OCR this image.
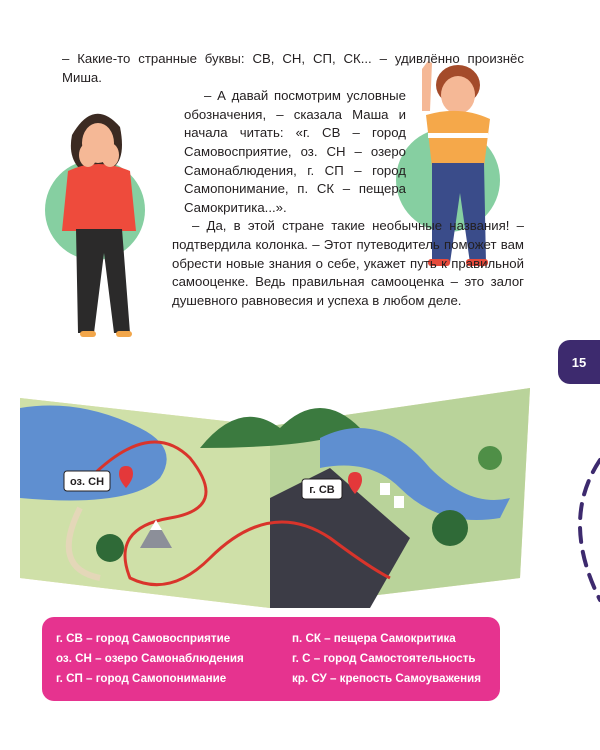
– Какие-то странные буквы: СВ, СН, СП, СК... – удивлённо произнёс Миша.

– А давай посмотрим условные обозначения, – сказала Маша и начала читать: «г. СВ – город Самовосприятие, оз. СН – озеро Самонаблюдения, г. СП – город Самопонимание, п. СК – пещера Самокритика...».

– Да, в этой стране такие необычные названия! – подтвердила колонка. – Этот путеводитель поможет вам обрести новые знания о себе, укажет путь к правильной самооценке. Ведь правильная самооценка – это залог душевного равновесия и успеха в любом деле.

15
оз. СН
г. СВ
г. СВ – город Самовосприятие
оз. СН – озеро Самонаблюдения
г. СП – город Самопонимание
п. СК – пещера Самокритика
г. С – город Самостоятельность
кр. СУ – крепость Самоуважения
